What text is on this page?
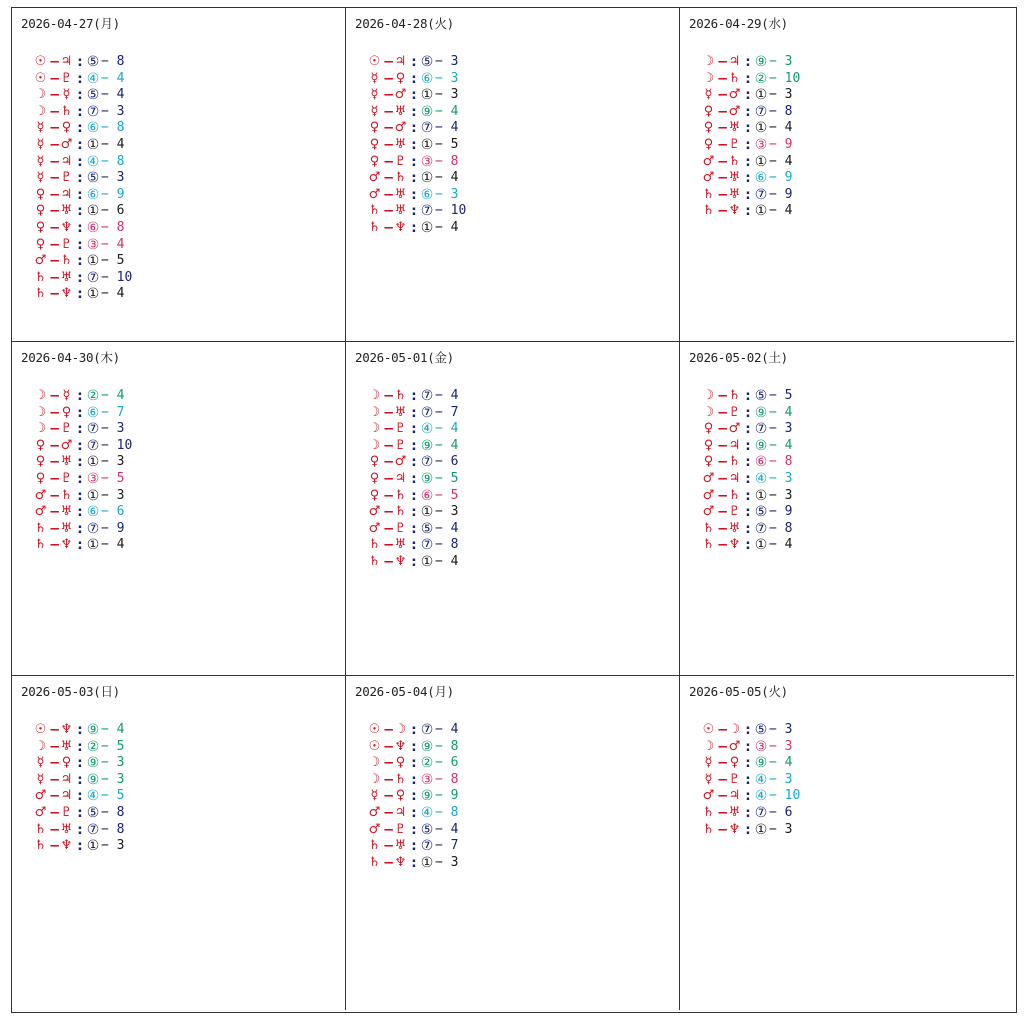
2026-04-27(月)
☉ − ♃ : ⑤ − 8
☉ − ♇ : ④ − 4
☽ − ☿ : ⑤ − 4
☽ − ♄ : ⑦ − 3
☿ − ♀ : ⑥ − 8
☿ − ♂ : ① − 4
☿ − ♃ : ④ − 8
☿ − ♇ : ⑤ − 3
♀ − ♃ : ⑥ − 9
♀ − ♅ : ① − 6
♀ − ♆ : ⑥ − 8
♀ − ♇ : ③ − 4
♂ − ♄ : ① − 5
♄ − ♅ : ⑦ − 10
♄ − ♆ : ① − 4
2026-04-28(火)
☉ − ♃ : ⑤ − 3
☿ − ♀ : ⑥ − 3
☿ − ♂ : ① − 3
☿ − ♅ : ⑨ − 4
♀ − ♂ : ⑦ − 4
♀ − ♅ : ① − 5
♀ − ♇ : ③ − 8
♂ − ♄ : ① − 4
♂ − ♅ : ⑥ − 3
♄ − ♅ : ⑦ − 10
♄ − ♆ : ① − 4
2026-04-29(水)
☽ − ♃ : ⑨ − 3
☽ − ♄ : ② − 10
☿ − ♂ : ① − 3
♀ − ♂ : ⑦ − 8
♀ − ♅ : ① − 4
♀ − ♇ : ③ − 9
♂ − ♄ : ① − 4
♂ − ♅ : ⑥ − 9
♄ − ♅ : ⑦ − 9
♄ − ♆ : ① − 4
2026-04-30(木)
☽ − ☿ : ② − 4
☽ − ♀ : ⑥ − 7
☽ − ♇ : ⑦ − 3
♀ − ♂ : ⑦ − 10
♀ − ♅ : ① − 3
♀ − ♇ : ③ − 5
♂ − ♄ : ① − 3
♂ − ♅ : ⑥ − 6
♄ − ♅ : ⑦ − 9
♄ − ♆ : ① − 4
2026-05-01(金)
☽ − ♄ : ⑦ − 4
☽ − ♅ : ⑦ − 7
☽ − ♇ : ④ − 4
☽ − ♇ : ⑨ − 4
♀ − ♂ : ⑦ − 6
♀ − ♃ : ⑨ − 5
♀ − ♄ : ⑥ − 5
♂ − ♄ : ① − 3
♂ − ♇ : ⑤ − 4
♄ − ♅ : ⑦ − 8
♄ − ♆ : ① − 4
2026-05-02(土)
☽ − ♄ : ⑤ − 5
☽ − ♇ : ⑨ − 4
♀ − ♂ : ⑦ − 3
♀ − ♃ : ⑨ − 4
♀ − ♄ : ⑥ − 8
♂ − ♃ : ④ − 3
♂ − ♄ : ① − 3
♂ − ♇ : ⑤ − 9
♄ − ♅ : ⑦ − 8
♄ − ♆ : ① − 4
2026-05-03(日)
☉ − ♆ : ⑨ − 4
☽ − ♅ : ② − 5
☿ − ♀ : ⑨ − 3
☿ − ♃ : ⑨ − 3
♂ − ♃ : ④ − 5
♂ − ♇ : ⑤ − 8
♄ − ♅ : ⑦ − 8
♄ − ♆ : ① − 3
2026-05-04(月)
☉ − ☽ : ⑦ − 4
☉ − ♆ : ⑨ − 8
☽ − ♀ : ② − 6
☽ − ♄ : ③ − 8
☿ − ♀ : ⑨ − 9
♂ − ♃ : ④ − 8
♂ − ♇ : ⑤ − 4
♄ − ♅ : ⑦ − 7
♄ − ♆ : ① − 3
2026-05-05(火)
☉ − ☽ : ⑤ − 3
☽ − ♂ : ③ − 3
☿ − ♀ : ⑨ − 4
☿ − ♇ : ④ − 3
♂ − ♃ : ④ − 10
♄ − ♅ : ⑦ − 6
♄ − ♆ : ① − 3
